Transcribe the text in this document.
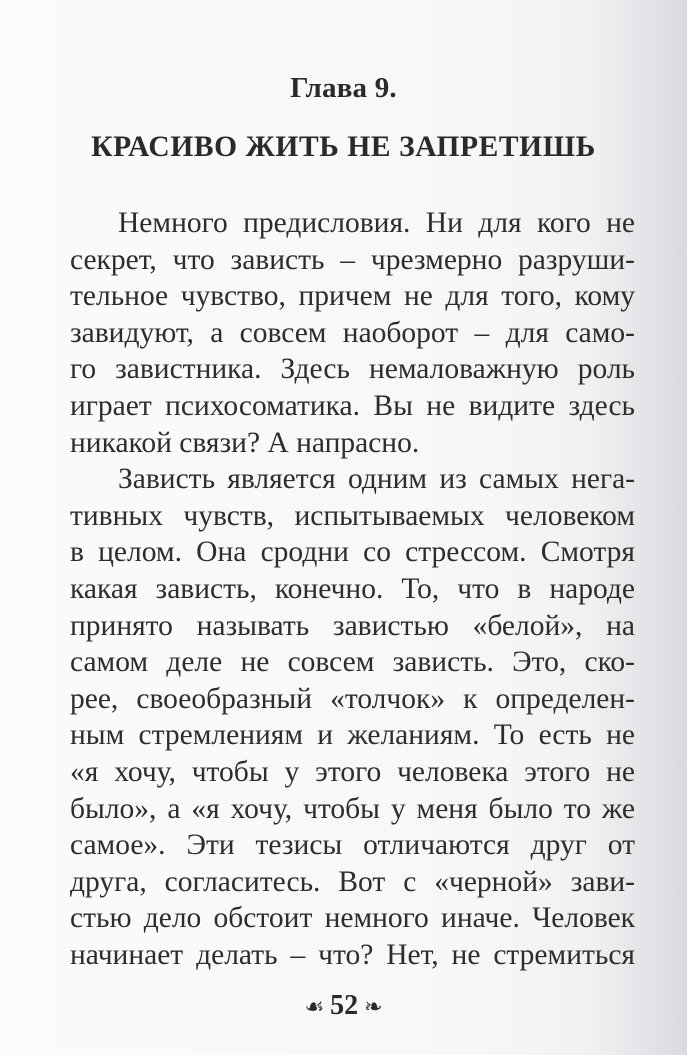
Глава 9.
КРАСИВО ЖИТЬ НЕ ЗАПРЕТИШЬ
Немного предисловия. Ни для кого не
секрет, что зависть – чрезмерно разруши-
тельное чувство, причем не для того, кому
завидуют, а совсем наоборот – для само-
го завистника. Здесь немаловажную роль
играет психосоматика. Вы не видите здесь
никакой связи? А напрасно.
Зависть является одним из самых нега-
тивных чувств, испытываемых человеком
в целом. Она сродни со стрессом. Смотря
какая зависть, конечно. То, что в народе
принято называть завистью «белой», на
самом деле не совсем зависть. Это, ско-
рее, своеобразный «толчок» к определен-
ным стремлениям и желаниям. То есть не
«я хочу, чтобы у этого человека этого не
было», а «я хочу, чтобы у меня было то же
самое». Эти тезисы отличаются друг от
друга, согласитесь. Вот с «черной» зави-
стью дело обстоит немного иначе. Человек
начинает делать – что? Нет, не стремиться
☙ 52 ❧
